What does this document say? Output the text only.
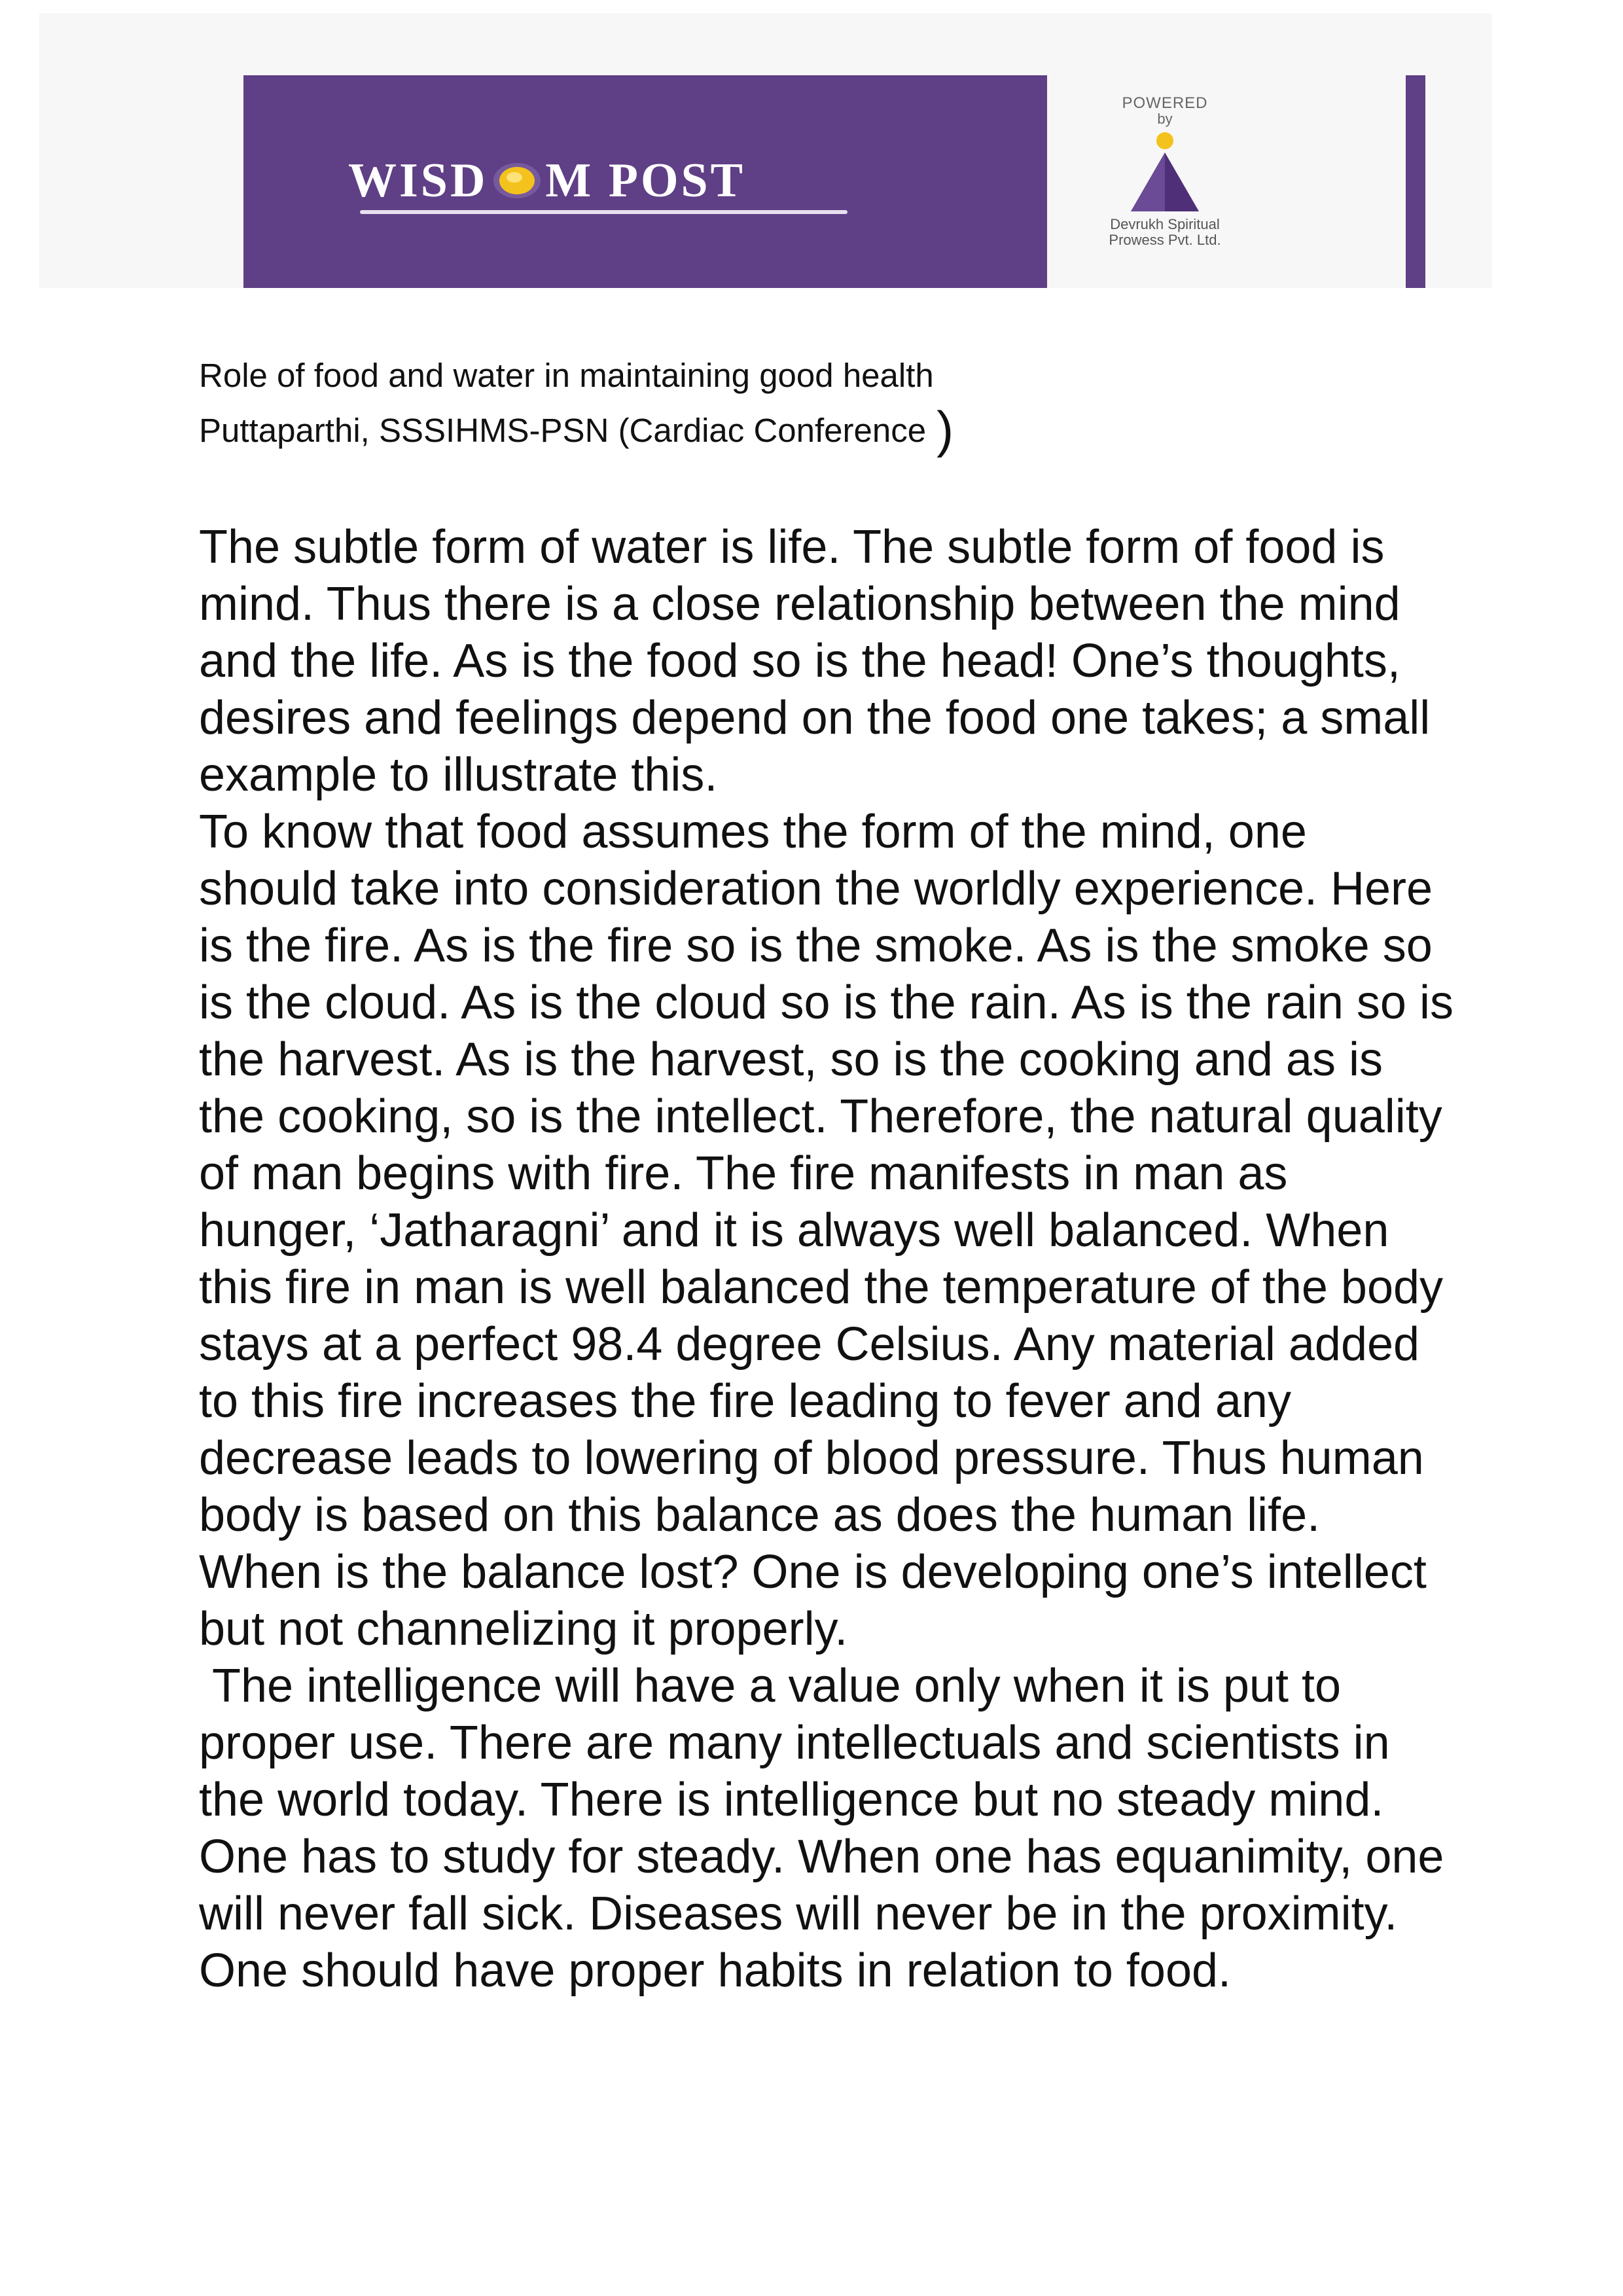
WISD M POST
POWERED
by
Devrukh Spiritual Prowess Pvt. Ltd.
Role of food and water in maintaining good health
Puttaparthi, SSSIHMS-PSN (Cardiac Conference )

The subtle form of water is life. The subtle form of food is mind. Thus there is a close relationship between the mind and the life. As is the food so is the head! One’s thoughts, desires and feelings depend on the food one takes; a small example to illustrate this.

To know that food assumes the form of the mind, one should take into consideration the worldly experience. Here is the fire. As is the fire so is the smoke. As is the smoke so is the cloud. As is the cloud so is the rain. As is the rain so is the harvest. As is the harvest, so is the cooking and as is the cooking, so is the intellect. Therefore, the natural quality of man begins with fire. The fire manifests in man as hunger, ‘Jatharagni’ and it is always well balanced. When this fire in man is well balanced the temperature of the body stays at a perfect 98.4 degree Celsius. Any material added to this fire increases the fire leading to fever and any decrease leads to lowering of blood pressure. Thus human body is based on this balance as does the human life. When is the balance lost? One is developing one’s intellect but not channelizing it properly.

The intelligence will have a value only when it is put to proper use. There are many intellectuals and scientists in the world today. There is intelligence but no steady mind. One has to study for steady. When one has equanimity, one will never fall sick. Diseases will never be in the proximity. One should have proper habits in relation to food.
